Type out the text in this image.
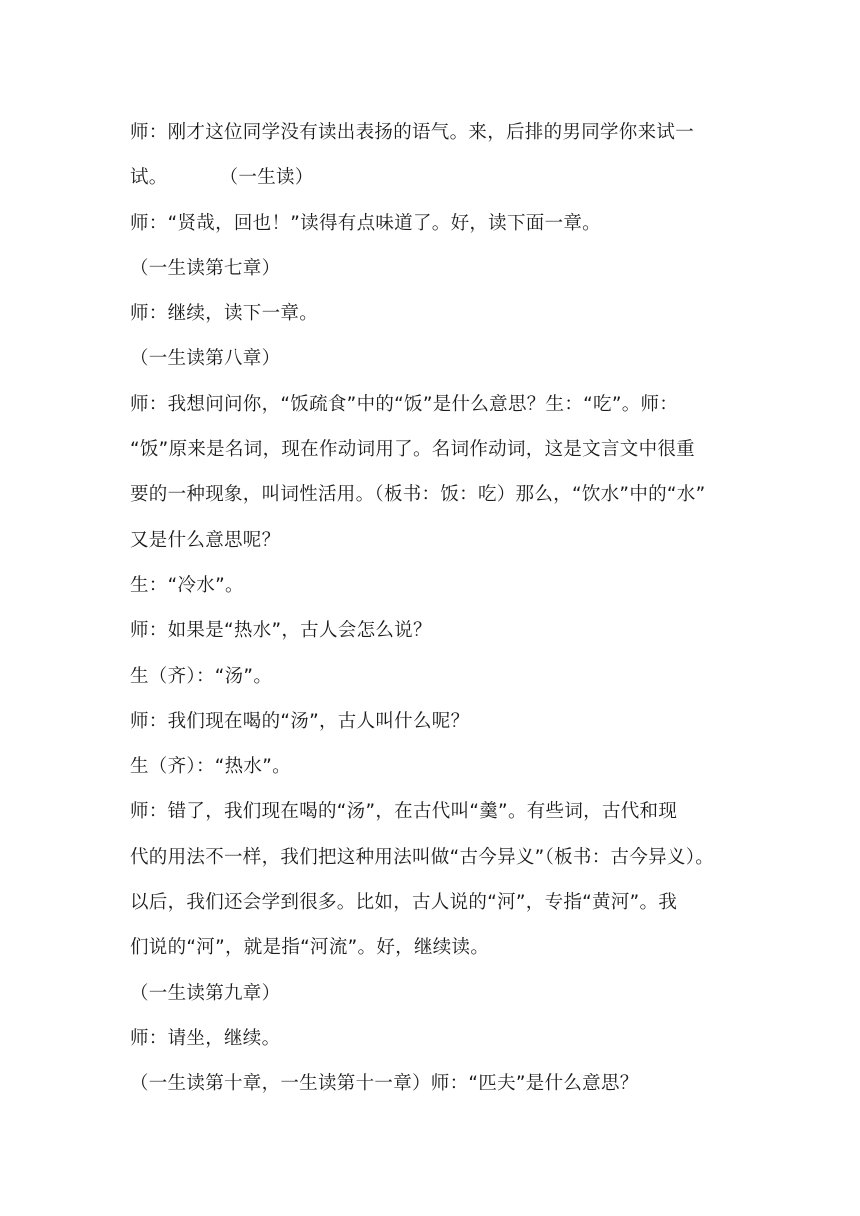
师：刚才这位同学没有读出表扬的语气。来，后排的男同学你来试一
试。	（一生读）
师：“贤哉，回也！”读得有点味道了。好，读下面一章。
（一生读第七章）
师：继续，读下一章。
（一生读第八章）
师：我想问问你，“饭疏食”中的“饭”是什么意思？生：“吃”。师：
“饭”原来是名词，现在作动词用了。名词作动词，这是文言文中很重
要的一种现象，叫词性活用。（板书：饭：吃）那么，“饮水”中的“水”
又是什么意思呢？
生：“冷水”。
师：如果是“热水”，古人会怎么说？
生（齐）：“汤”。
师：我们现在喝的“汤”，古人叫什么呢？
生（齐）：“热水”。
师：错了，我们现在喝的“汤”，在古代叫“羹”。有些词，古代和现
代的用法不一样，我们把这种用法叫做“古今异义”（板书：古今异义）。
以后，我们还会学到很多。比如，古人说的“河”，专指“黄河”。我
们说的“河”，就是指“河流”。好，继续读。
（一生读第九章）
师：请坐，继续。
（一生读第十章，一生读第十一章）师：“匹夫”是什么意思？
